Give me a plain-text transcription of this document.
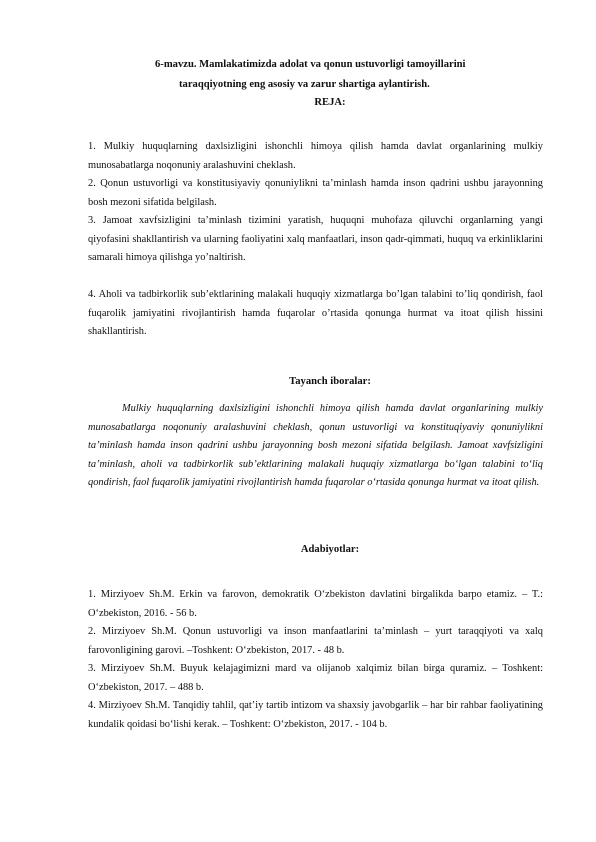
6-mavzu. Mamlakatimizda adolat va qonun ustuvorligi tamoyillarini
taraqqiyotning eng asosiy va zarur shartiga aylantirish.
REJA:

1. Mulkiy huquqlarning daxlsizligini ishonchli himoya qilish hamda davlat organlarining mulkiy munosabatlarga noqonuniy aralashuvini cheklash.

2. Qonun ustuvorligi va konstitusiyaviy qonuniylikni ta’minlash hamda inson qadrini ushbu jarayonning bosh mezoni sifatida belgilash.

3. Jamoat xavfsizligini ta’minlash tizimini yaratish, huquqni muhofaza qiluvchi organlarning yangi qiyofasini shakllantirish va ularning faoliyatini xalq manfaatlari, inson qadr-qimmati, huquq va erkinliklarini samarali himoya qilishga yo’naltirish.

4. Aholi va tadbirkorlik sub’ektlarining malakali huquqiy xizmatlarga bo’lgan talabini to’liq qondirish, faol fuqarolik jamiyatini rivojlantirish hamda fuqarolar o’rtasida qonunga hurmat va itoat qilish hissini shakllantirish.

Tayanch iboralar:

Mulkiy huquqlarning daxlsizligini ishonchli himoya qilish hamda davlat organlarining mulkiy munosabatlarga noqonuniy aralashuvini cheklash, qonun ustuvorligi va konstituqiyaviy qonuniylikni ta’minlash hamda inson qadrini ushbu jarayonning bosh mezoni sifatida belgilash. Jamoat xavfsizligini ta’minlash, aholi va tadbirkorlik sub’ektlarining malakali huquqiy xizmatlarga bo‘lgan talabini to‘liq qondirish, faol fuqarolik jamiyatini rivojlantirish hamda fuqarolar o‘rtasida qonunga hurmat va itoat qilish.

Adabiyotlar:

1. Mirziyoev Sh.M. Erkin va farovon, demokratik O‘zbekiston davlatini birgalikda barpo etamiz. – T.: O‘zbekiston, 2016. - 56 b.

2. Mirziyoev Sh.M. Qonun ustuvorligi va inson manfaatlarini ta’minlash – yurt taraqqiyoti va xalq farovonligining garovi. –Toshkent: O‘zbekiston, 2017. - 48 b.

3. Mirziyoev Sh.M. Buyuk kelajagimizni mard va olijanob xalqimiz bilan birga quramiz. – Toshkent: O‘zbekiston, 2017. – 488 b.

4. Mirziyoev Sh.M. Tanqidiy tahlil, qat’iy tartib intizom va shaxsiy javobgarlik – har bir rahbar faoliyatining kundalik qoidasi bo‘lishi kerak. – Toshkent: O‘zbekiston, 2017. - 104 b.
